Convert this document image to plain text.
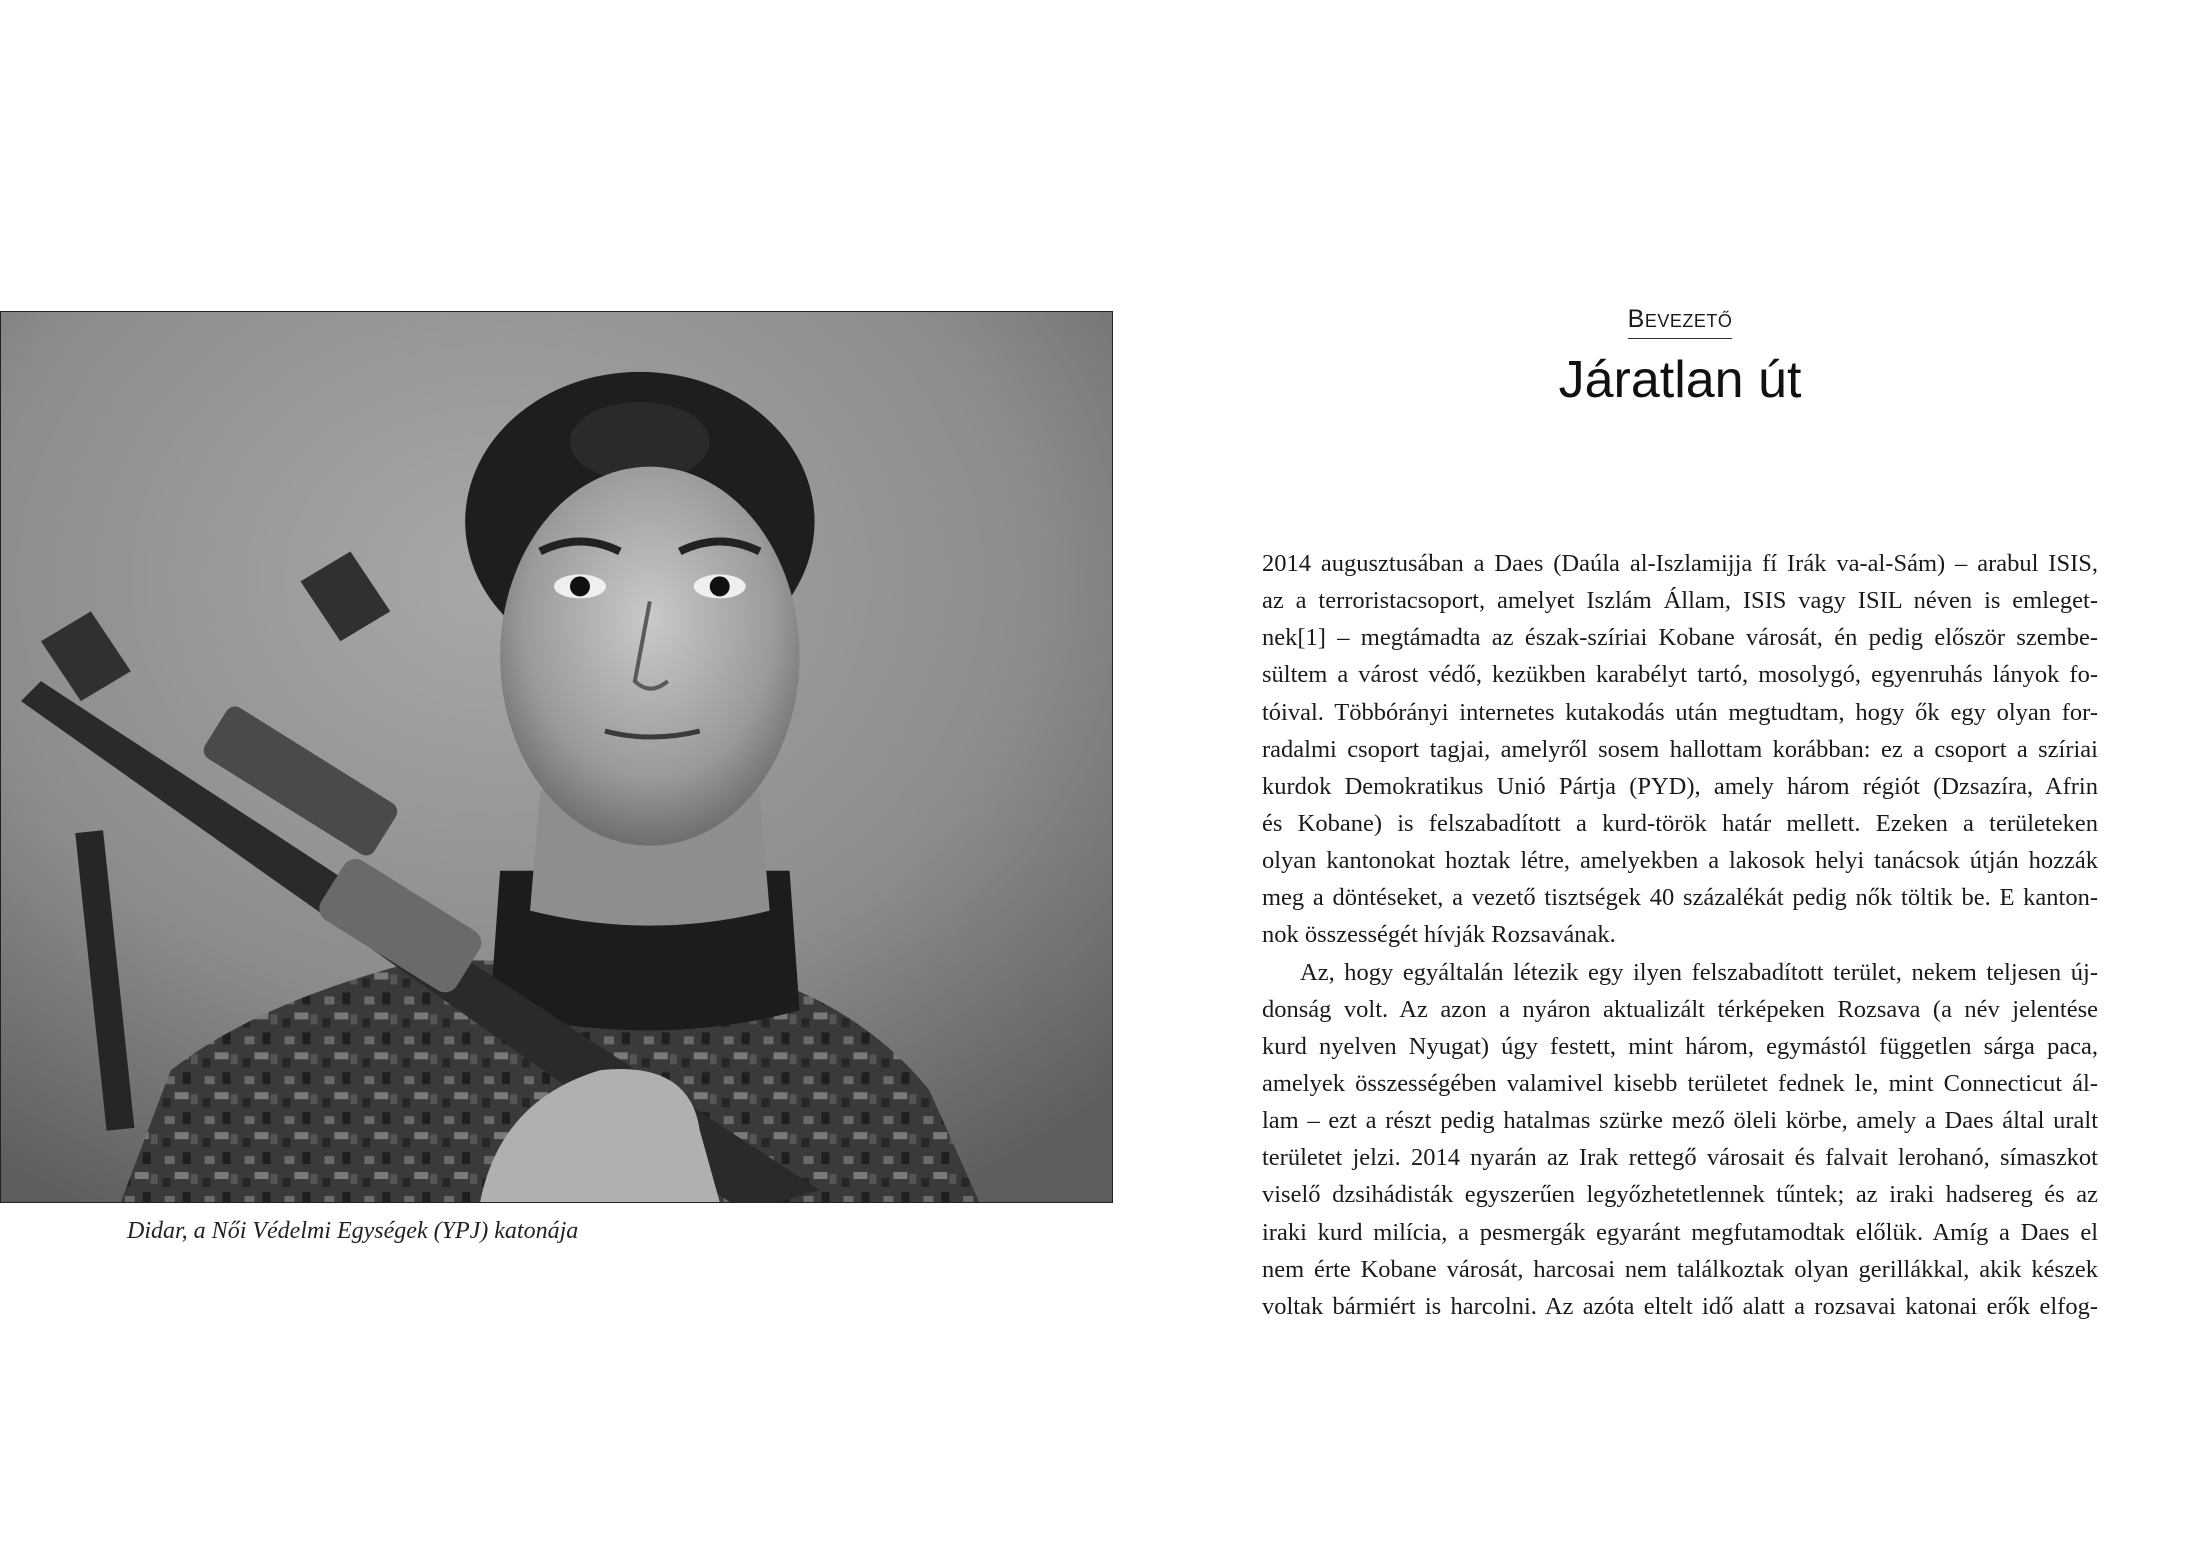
Didar, a Női Védelmi Egységek (YPJ) katonája
Bevezető
Járatlan út
2014 augusztusában a Daes (Daúla al-Iszlamijja fí Irák va-al-Sám) – arabul ISIS,
az a terroristacsoport, amelyet Iszlám Állam, ISIS vagy ISIL néven is emleget-
nek[1] – megtámadta az észak-szíriai Kobane városát, én pedig először szembe-
sültem a várost védő, kezükben karabélyt tartó, mosolygó, egyenruhás lányok fo-
tóival. Többórányi internetes kutakodás után megtudtam, hogy ők egy olyan for-
radalmi csoport tagjai, amelyről sosem hallottam korábban: ez a csoport a szíriai
kurdok Demokratikus Unió Pártja (PYD), amely három régiót (Dzsazíra, Afrin
és Kobane) is felszabadított a kurd-török határ mellett. Ezeken a területeken
olyan kantonokat hoztak létre, amelyekben a lakosok helyi tanácsok útján hozzák
meg a döntéseket, a vezető tisztségek 40 százalékát pedig nők töltik be. E kanton-
nok összességét hívják Rozsavának.
Az, hogy egyáltalán létezik egy ilyen felszabadított terület, nekem teljesen új-
donság volt. Az azon a nyáron aktualizált térképeken Rozsava (a név jelentése
kurd nyelven Nyugat) úgy festett, mint három, egymástól független sárga paca,
amelyek összességében valamivel kisebb területet fednek le, mint Connecticut ál-
lam – ezt a részt pedig hatalmas szürke mező öleli körbe, amely a Daes által uralt
területet jelzi. 2014 nyarán az Irak rettegő városait és falvait lerohanó, símaszkot
viselő dzsihádisták egyszerűen legyőzhetetlennek tűntek; az iraki hadsereg és az
iraki kurd milícia, a pesmergák egyaránt megfutamodtak előlük. Amíg a Daes el
nem érte Kobane városát, harcosai nem találkoztak olyan gerillákkal, akik készek
voltak bármiért is harcolni. Az azóta eltelt idő alatt a rozsavai katonai erők elfog-
